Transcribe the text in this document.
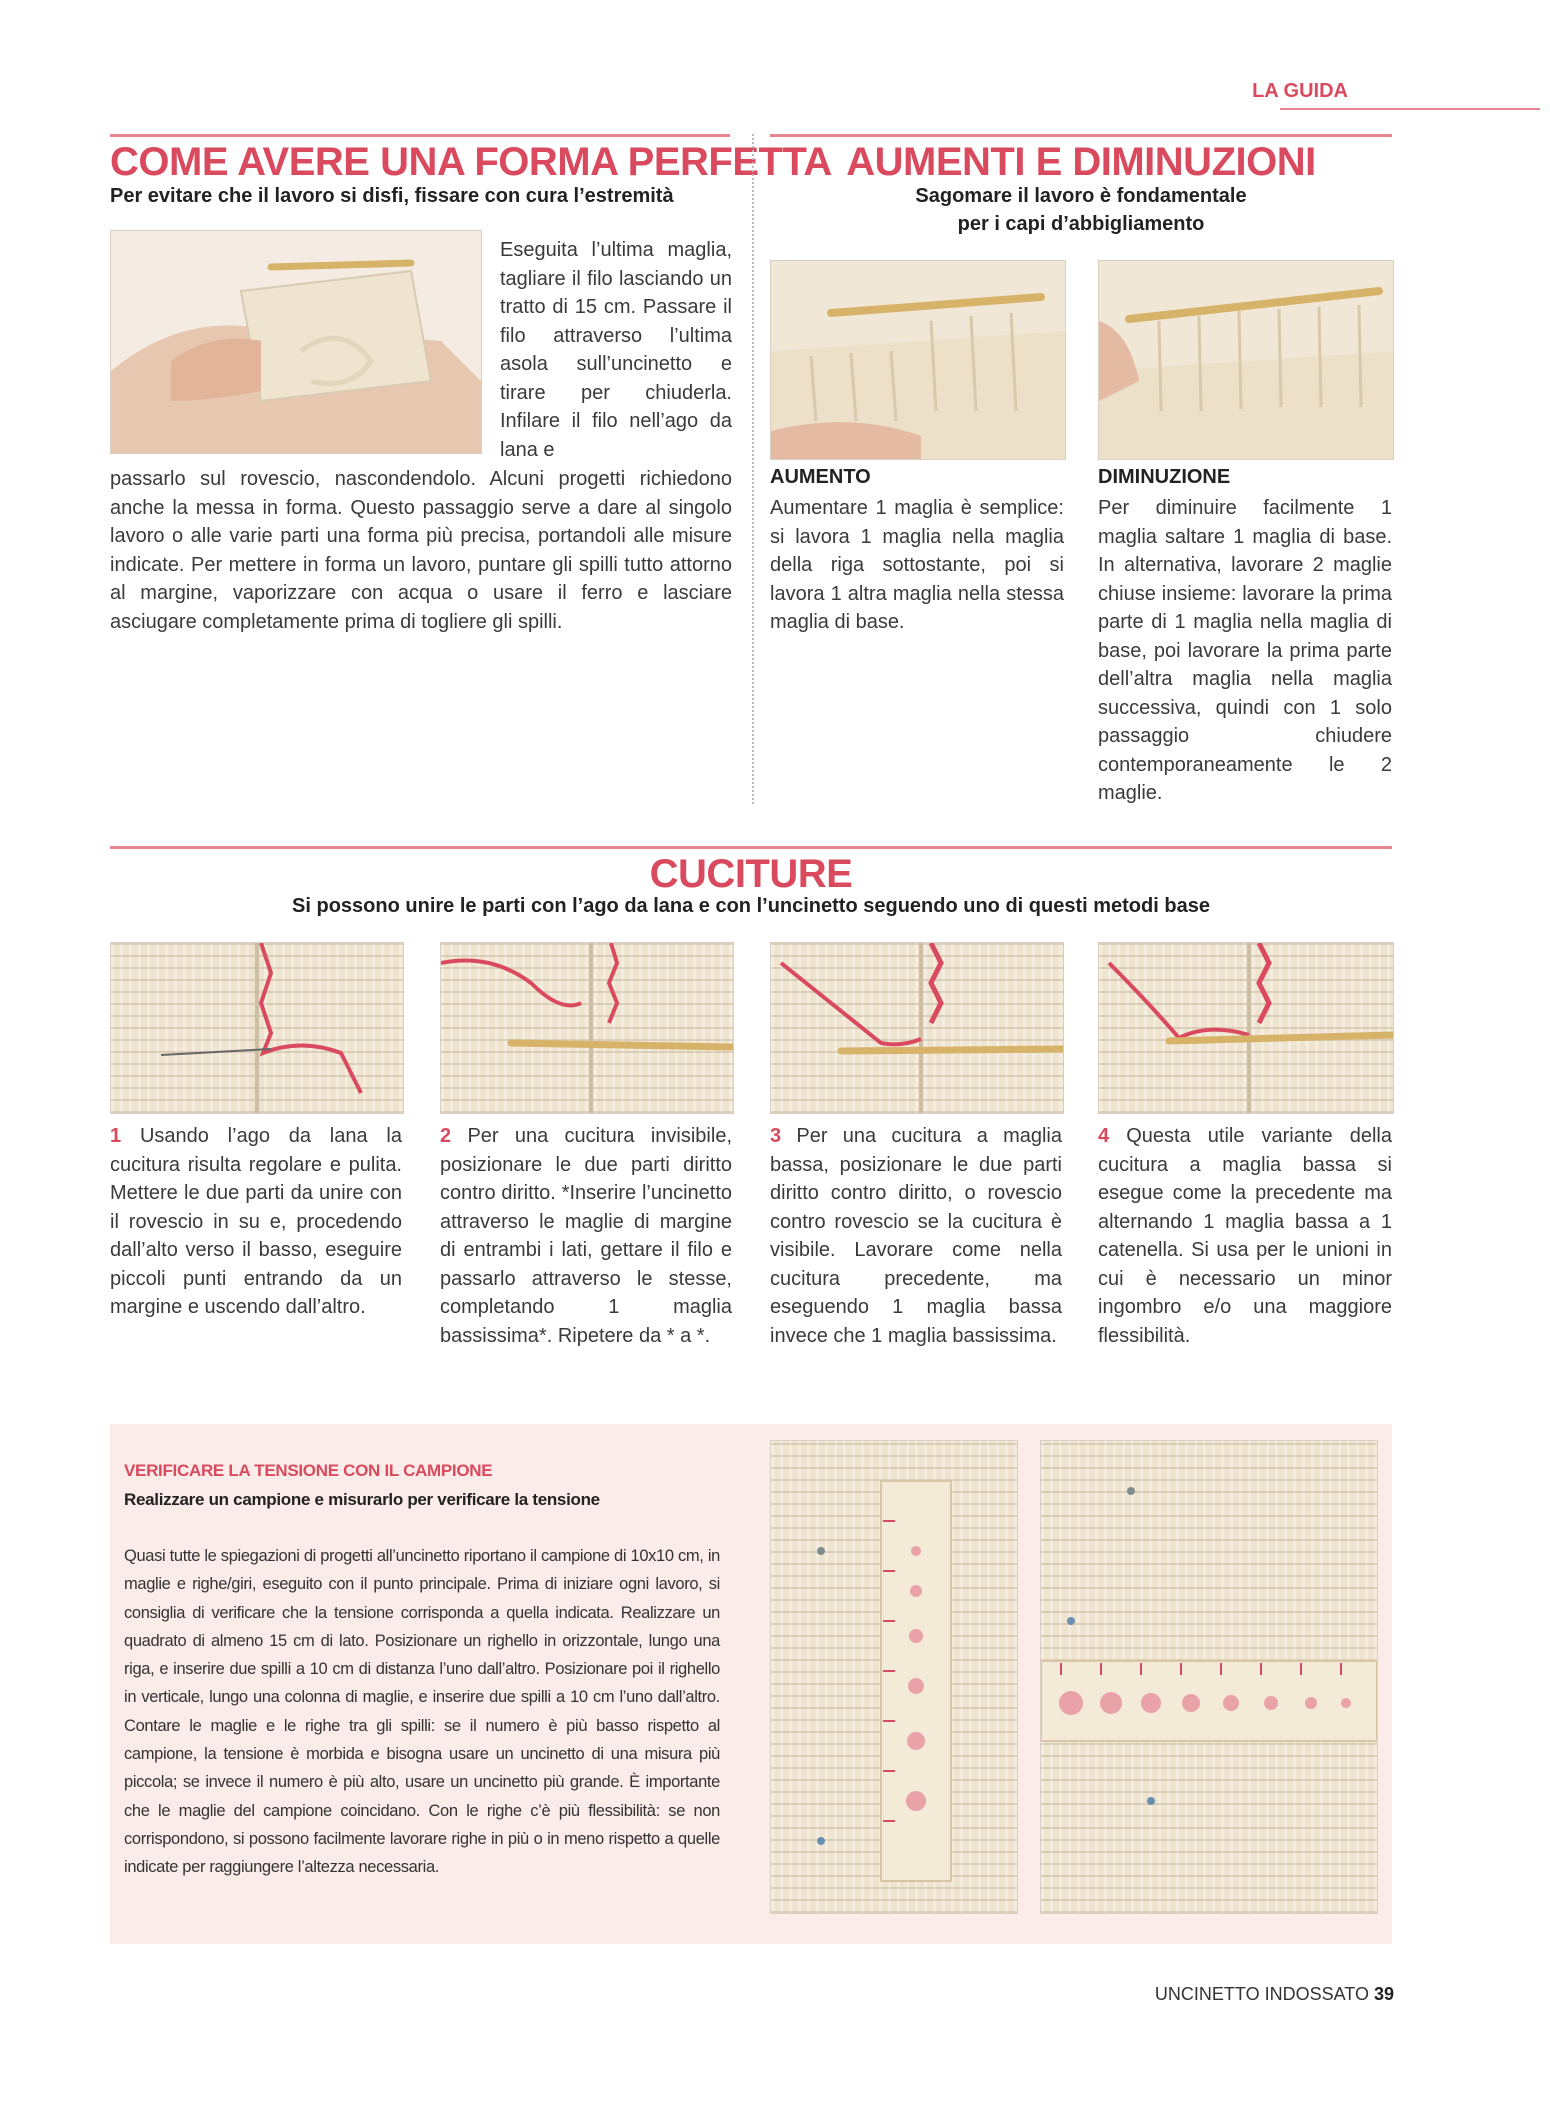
LA GUIDA
COME AVERE UNA FORMA PERFETTA
Per evitare che il lavoro si disfi, fissare con cura l’estremità
Eseguita l’ultima maglia, tagliare il filo lasciando un tratto di 15 cm. Passare il filo attraverso l’ultima asola sull’uncinetto e tirare per chiuderla. Infilare il filo nell’ago da lana e
passarlo sul rovescio, nascondendolo. Alcuni progetti richiedono anche la messa in forma. Questo passaggio serve a dare al singolo lavoro o alle varie parti una forma più precisa, portandoli alle misure indicate. Per mettere in forma un lavoro, puntare gli spilli tutto attorno al margine, vaporizzare con acqua o usare il ferro e lasciare asciugare completamente prima di togliere gli spilli.
AUMENTI E DIMINUZIONI
Sagomare il lavoro è fondamentale
per i capi d’abbigliamento
AUMENTO
Aumentare 1 maglia è semplice: si lavora 1 maglia nella maglia della riga sottostante, poi si lavora 1 altra maglia nella stessa maglia di base.
DIMINUZIONE
Per diminuire facilmente 1 maglia saltare 1 maglia di base. In alternativa, lavorare 2 maglie chiuse insieme: lavorare la prima parte di 1 maglia nella maglia di base, poi lavorare la prima parte dell’altra maglia nella maglia successiva, quindi con 1 solo passaggio chiudere contemporaneamente le 2 maglie.
CUCITURE
Si possono unire le parti con l’ago da lana e con l’uncinetto seguendo uno di questi metodi base
1 Usando l’ago da lana la cucitura risulta regolare e pulita. Mettere le due parti da unire con il rovescio in su e, procedendo dall’alto verso il basso, eseguire piccoli punti entrando da un margine e uscendo dall’altro.
2 Per una cucitura invisibile, posizionare le due parti diritto contro diritto. *Inserire l’uncinetto attraverso le maglie di margine di entrambi i lati, gettare il filo e passarlo attraverso le stesse, completando 1 maglia bassissima*. Ripetere da * a *.
3 Per una cucitura a maglia bassa, posizionare le due parti diritto contro diritto, o rovescio contro rovescio se la cucitura è visibile. Lavorare come nella cucitura precedente, ma eseguendo 1 maglia bassa invece che 1 maglia bassissima.
4 Questa utile variante della cucitura a maglia bassa si esegue come la precedente ma alternando 1 maglia bassa a 1 catenella. Si usa per le unioni in cui è necessario un minor ingombro e/o una maggiore flessibilità.
VERIFICARE LA TENSIONE CON IL CAMPIONE
Realizzare un campione e misurarlo per verificare la tensione
Quasi tutte le spiegazioni di progetti all’uncinetto riportano il campione di 10x10 cm, in maglie e righe/giri, eseguito con il punto principale. Prima di iniziare ogni lavoro, si consiglia di verificare che la tensione corrisponda a quella indicata. Realizzare un quadrato di almeno 15 cm di lato. Posizionare un righello in orizzontale, lungo una riga, e inserire due spilli a 10 cm di distanza l’uno dall’altro. Posizionare poi il righello in verticale, lungo una colonna di maglie, e inserire due spilli a 10 cm l’uno dall’altro. Contare le maglie e le righe tra gli spilli: se il numero è più basso rispetto al campione, la tensione è morbida e bisogna usare un uncinetto di una misura più piccola; se invece il numero è più alto, usare un uncinetto più grande. È importante che le maglie del campione coincidano. Con le righe c’è più flessibilità: se non corrispondono, si possono facilmente lavorare righe in più o in meno rispetto a quelle indicate per raggiungere l’altezza necessaria.
UNCINETTO INDOSSATO 39
